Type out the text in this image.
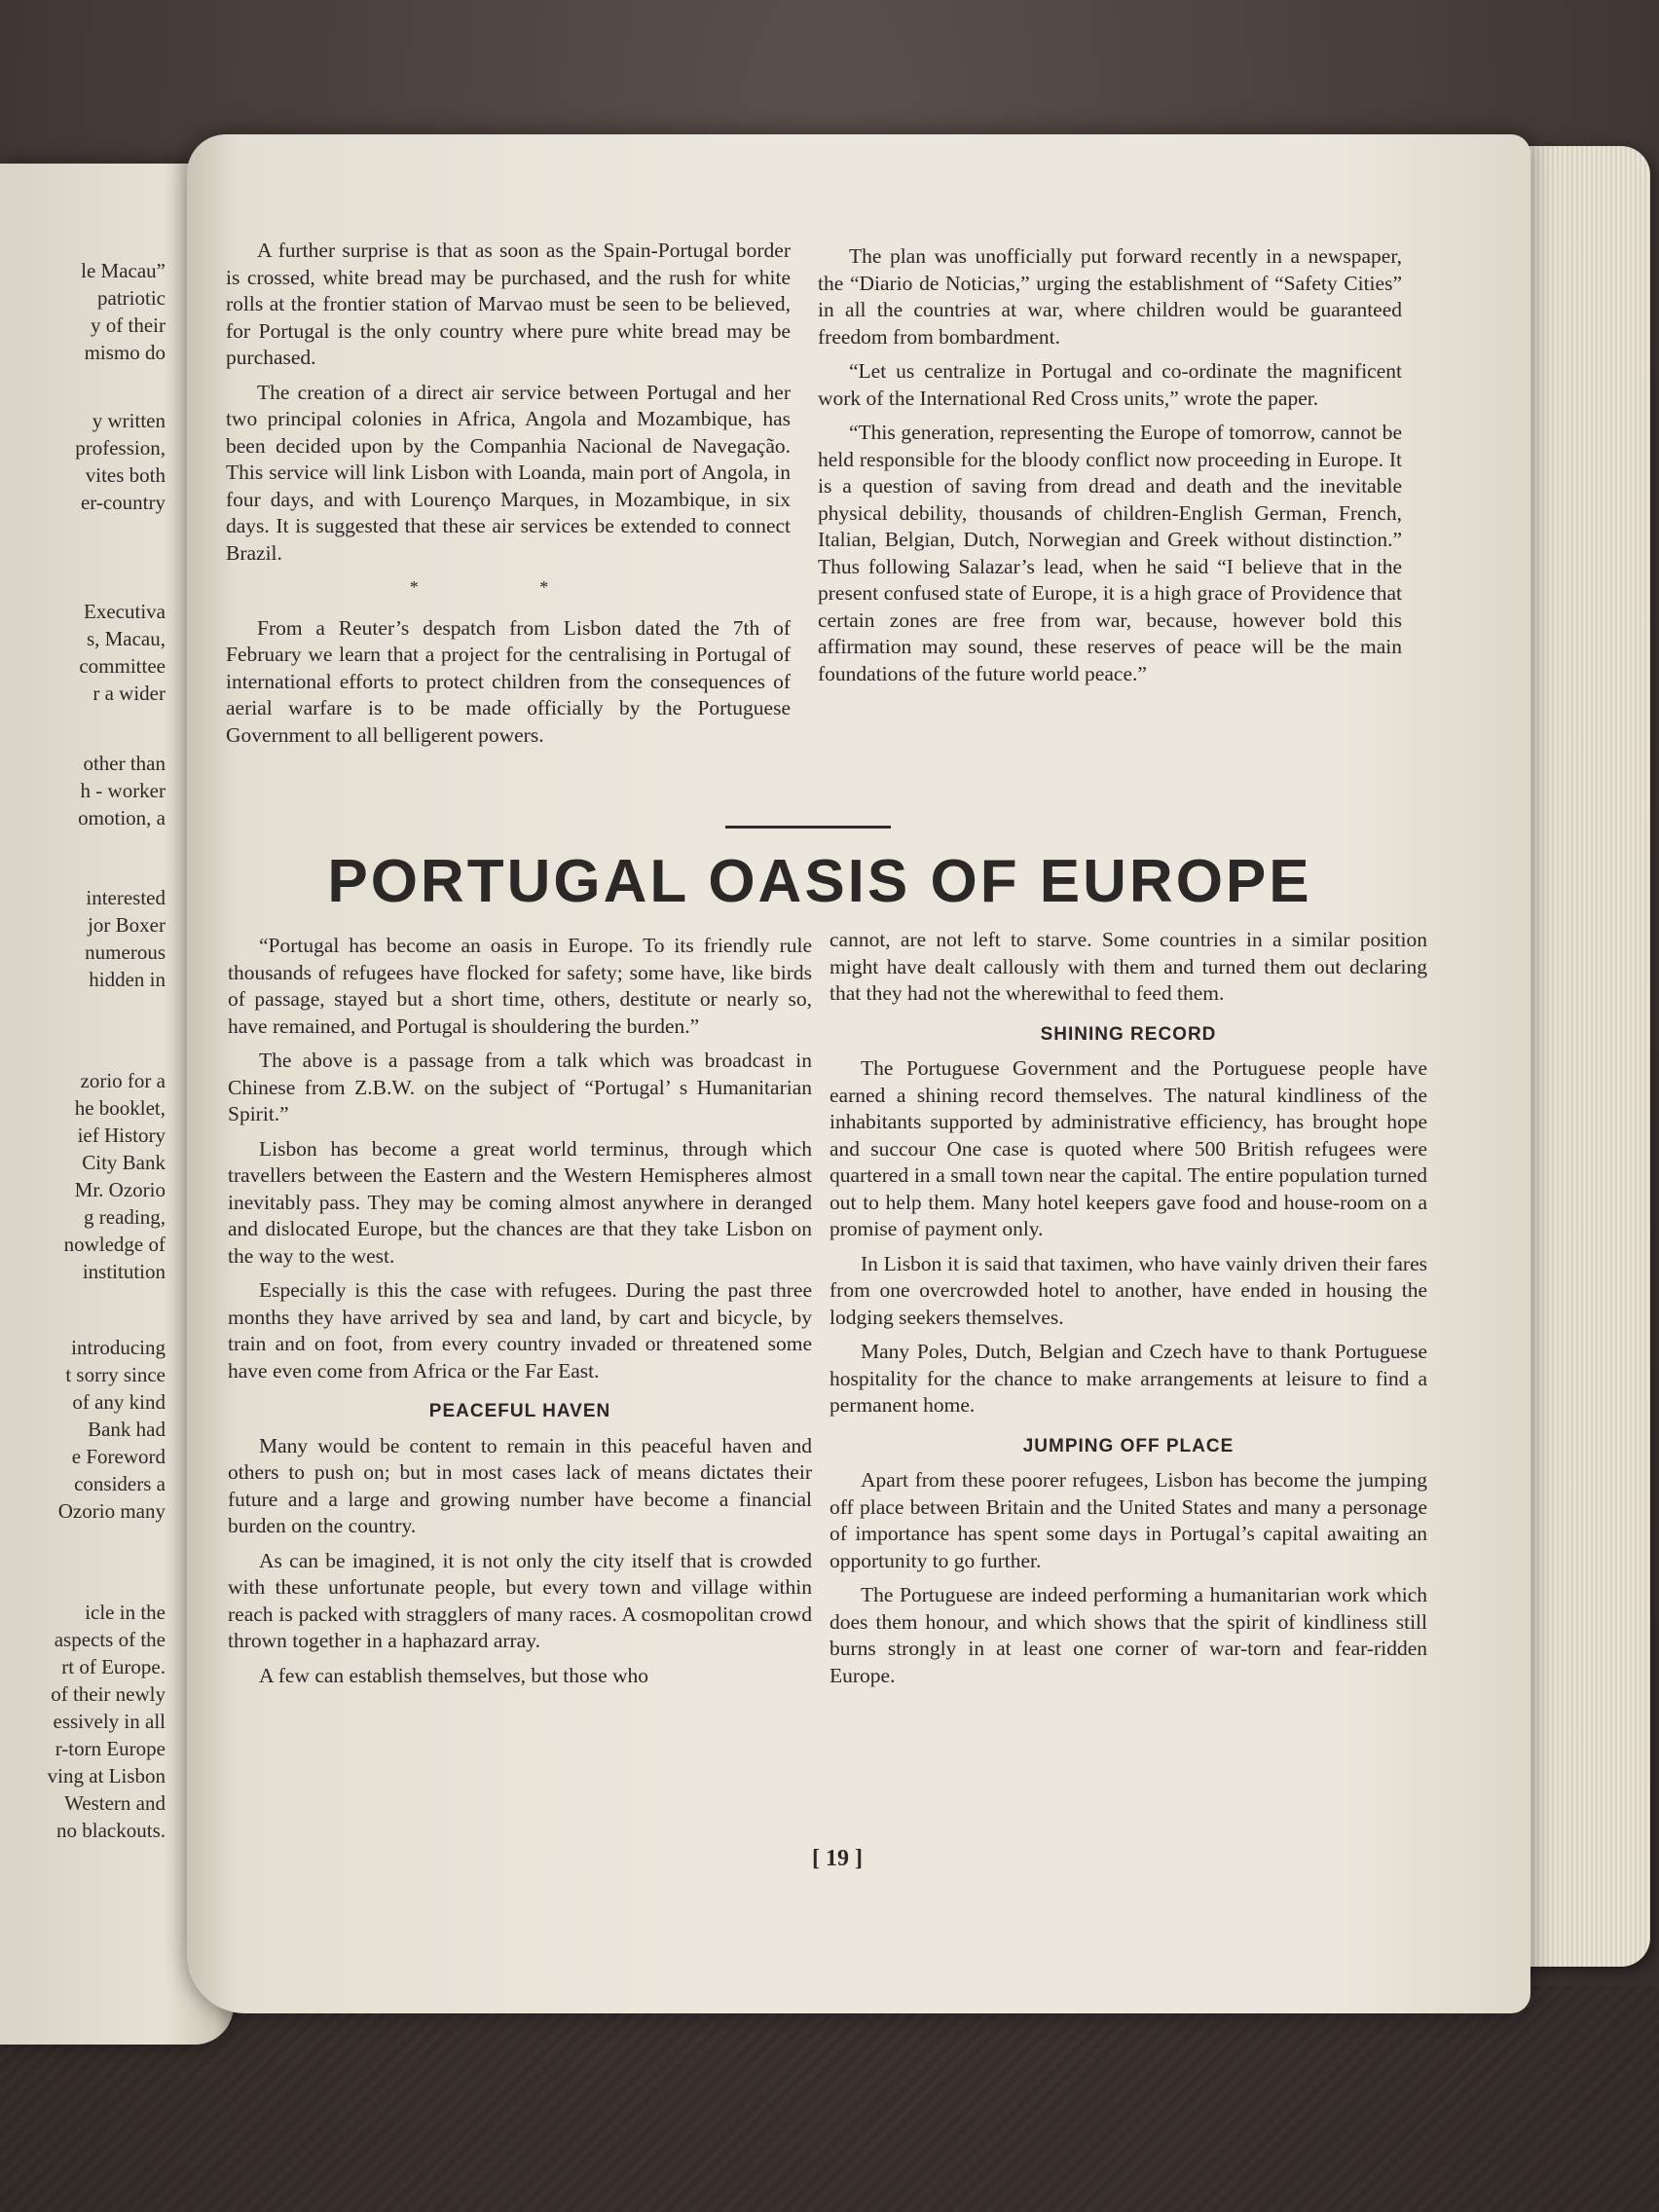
le Macau”
patriotic
y of their
mismo do
y written
profession,
vites both
er-country
Executiva
s, Macau,
committee
r a wider
other than
h - worker
omotion, a
interested
jor Boxer
numerous
hidden in
zorio for a
he booklet,
ief History
City Bank
Mr. Ozorio
g reading,
nowledge of
institution
introducing
t sorry since
of any kind
Bank had
e Foreword
considers a
Ozorio many
icle in the
aspects of the
rt of Europe.
of their newly
essively in all
r-torn Europe
ving at Lisbon
Western and
no blackouts.

A further surprise is that as soon as the Spain-Portugal border is crossed, white bread may be purchased, and the rush for white rolls at the frontier station of Marvao must be seen to be believed, for Portugal is the only country where pure white bread may be purchased.

The creation of a direct air service between Portugal and her two principal colonies in Africa, Angola and Mozambique, has been decided upon by the Companhia Nacional de Navegação. This service will link Lisbon with Loanda, main port of Angola, in four days, and with Lourenço Marques, in Mozambique, in six days. It is suggested that these air services be extended to connect Brazil.

* *

From a Reuter’s despatch from Lisbon dated the 7th of February we learn that a project for the centralising in Portugal of international efforts to protect children from the consequences of aerial warfare is to be made officially by the Portuguese Government to all belligerent powers.

The plan was unofficially put forward recently in a newspaper, the “Diario de Noticias,” urging the establishment of “Safety Cities” in all the countries at war, where children would be guaranteed freedom from bombardment.

“Let us centralize in Portugal and co-ordinate the magnificent work of the International Red Cross units,” wrote the paper.

“This generation, representing the Europe of tomorrow, cannot be held responsible for the bloody conflict now proceeding in Europe. It is a question of saving from dread and death and the inevitable physical debility, thousands of children-English German, French, Italian, Belgian, Dutch, Norwegian and Greek without distinction.” Thus following Salazar’s lead, when he said “I believe that in the present confused state of Europe, it is a high grace of Providence that certain zones are free from war, because, however bold this affirmation may sound, these reserves of peace will be the main foundations of the future world peace.”

PORTUGAL OASIS OF EUROPE

“Portugal has become an oasis in Europe. To its friendly rule thousands of refugees have flocked for safety; some have, like birds of passage, stayed but a short time, others, destitute or nearly so, have remained, and Portugal is shouldering the burden.”

The above is a passage from a talk which was broadcast in Chinese from Z.B.W. on the subject of “Portugal’ s Humanitarian Spirit.”

Lisbon has become a great world terminus, through which travellers between the Eastern and the Western Hemispheres almost inevitably pass. They may be coming almost anywhere in deranged and dislocated Europe, but the chances are that they take Lisbon on the way to the west.

Especially is this the case with refugees. During the past three months they have arrived by sea and land, by cart and bicycle, by train and on foot, from every country invaded or threatened some have even come from Africa or the Far East.

PEACEFUL HAVEN

Many would be content to remain in this peaceful haven and others to push on; but in most cases lack of means dictates their future and a large and growing number have become a financial burden on the country.

As can be imagined, it is not only the city itself that is crowded with these unfortunate people, but every town and village within reach is packed with stragglers of many races. A cosmopolitan crowd thrown together in a haphazard array.

A few can establish themselves, but those who

cannot, are not left to starve. Some countries in a similar position might have dealt callously with them and turned them out declaring that they had not the wherewithal to feed them.

SHINING RECORD

The Portuguese Government and the Portuguese people have earned a shining record themselves. The natural kindliness of the inhabitants supported by administrative efficiency, has brought hope and succour One case is quoted where 500 British refugees were quartered in a small town near the capital. The entire population turned out to help them. Many hotel keepers gave food and house-room on a promise of payment only.

In Lisbon it is said that taximen, who have vainly driven their fares from one overcrowded hotel to another, have ended in housing the lodging seekers themselves.

Many Poles, Dutch, Belgian and Czech have to thank Portuguese hospitality for the chance to make arrangements at leisure to find a permanent home.

JUMPING OFF PLACE

Apart from these poorer refugees, Lisbon has become the jumping off place between Britain and the United States and many a personage of importance has spent some days in Portugal’s capital awaiting an opportunity to go further.

The Portuguese are indeed performing a humanitarian work which does them honour, and which shows that the spirit of kindliness still burns strongly in at least one corner of war-torn and fear-ridden Europe.

[ 19 ]
